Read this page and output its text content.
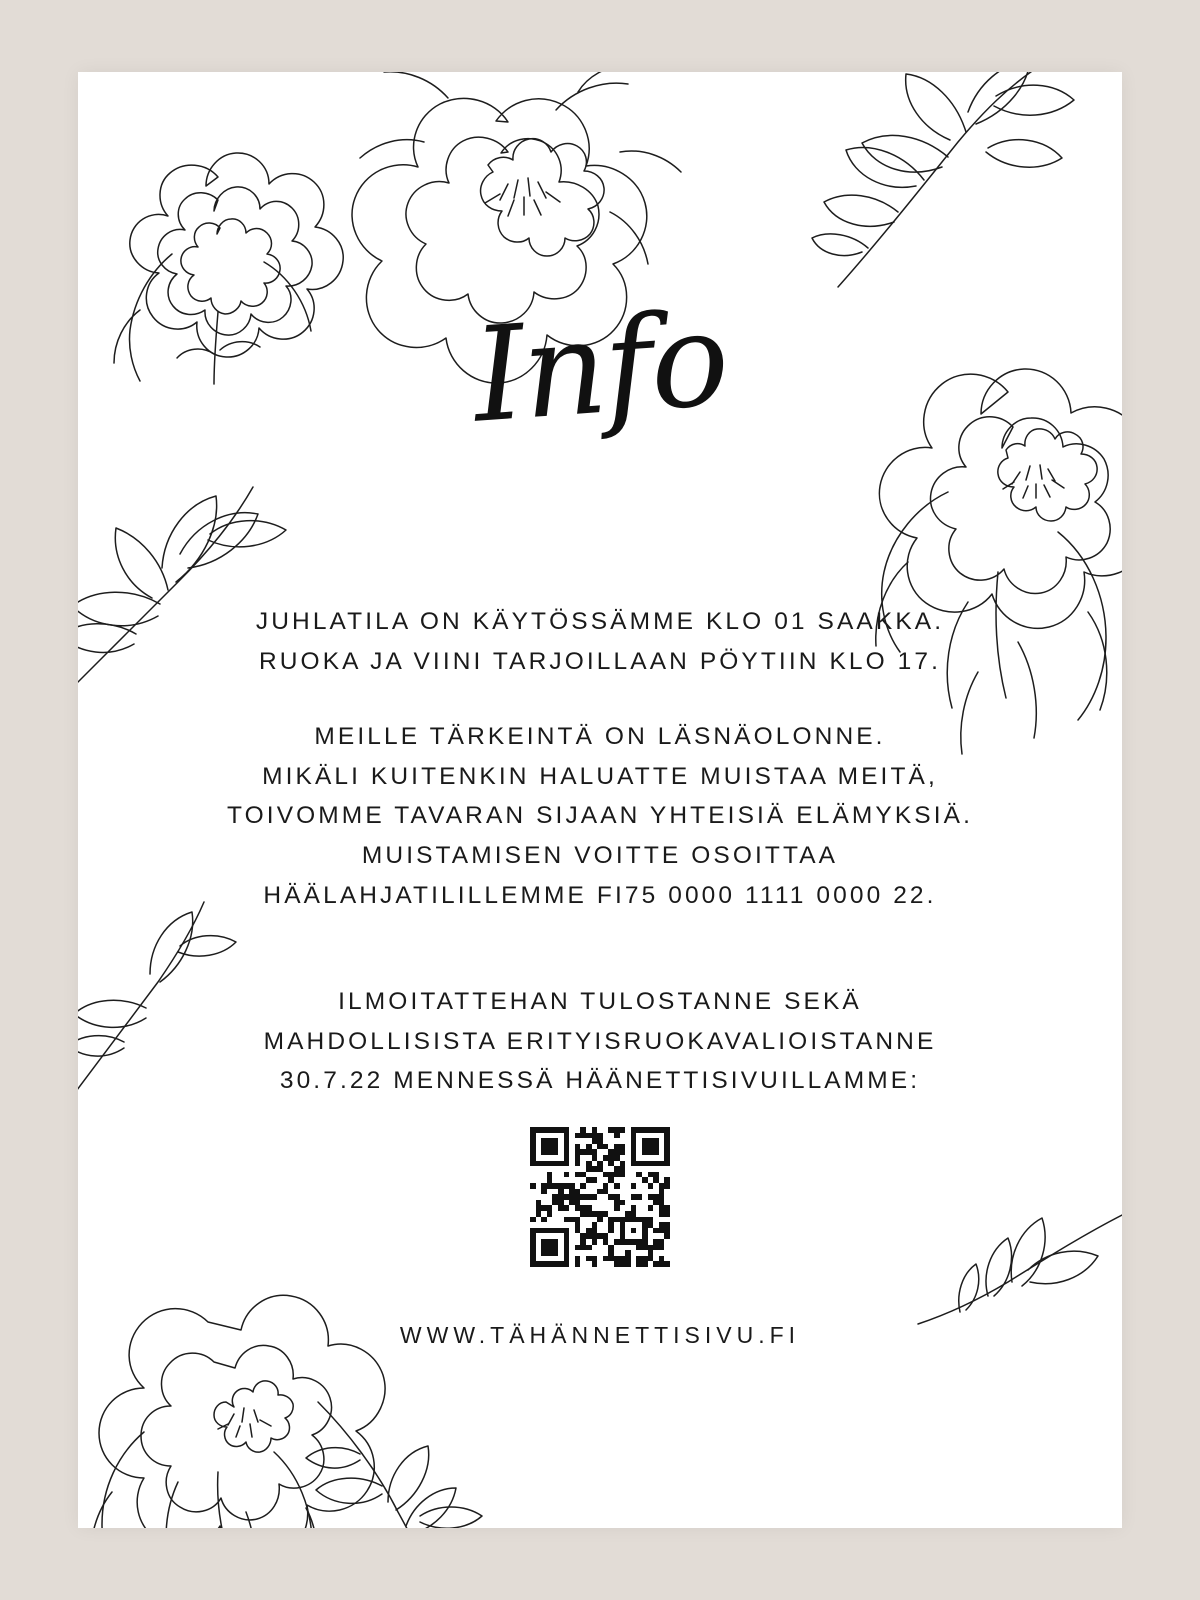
Info
JUHLATILA ON KÄYTÖSSÄMME KLO 01 SAAKKA.
RUOKA JA VIINI TARJOILLAAN PÖYTIIN KLO 17.
MEILLE TÄRKEINTÄ ON LÄSNÄOLONNE.
MIKÄLI KUITENKIN HALUATTE MUISTAA MEITÄ,
TOIVOMME TAVARAN SIJAAN YHTEISIÄ ELÄMYKSIÄ.
MUISTAMISEN VOITTE OSOITTAA
HÄÄLAHJATILILLEMME FI75 0000 1111 0000 22.
ILMOITATTEHAN TULOSTANNE SEKÄ
MAHDOLLISISTA ERITYISRUOKAVALIOISTANNE
30.7.22 MENNESSÄ HÄÄNETTISIVUILLAMME:
WWW.TÄHÄNNETTISIVU.FI
